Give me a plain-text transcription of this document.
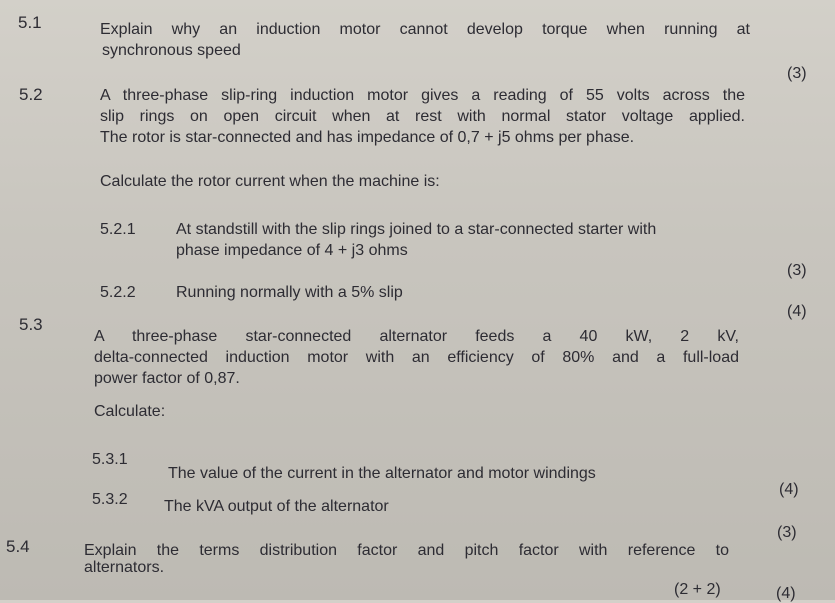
5.1	Explain why an induction motor cannot develop torque when running at
synchronous speed
(3)
5.2	A three-phase slip-ring induction motor gives a reading of 55 volts across the
slip rings on open circuit when at rest with normal stator voltage applied.
The rotor is star-connected and has impedance of 0,7 + j5 ohms per phase.
Calculate the rotor current when the machine is:
5.2.1	At standstill with the slip rings joined to a star-connected starter with
phase impedance of 4 + j3 ohms
(3)
5.2.2	Running normally with a 5% slip
(4)
5.3
A three-phase star-connected alternator feeds a 40 kW, 2 kV,
delta-connected induction motor with an efficiency of 80% and a full-load
power factor of 0,87.
Calculate:
5.3.1
The value of the current in the alternator and motor windings
(4)
5.3.2 The kVA output of the alternator
(3)
5.4	Explain the terms distribution factor and pitch factor with reference to
alternators.
(2 + 2)	(4)
